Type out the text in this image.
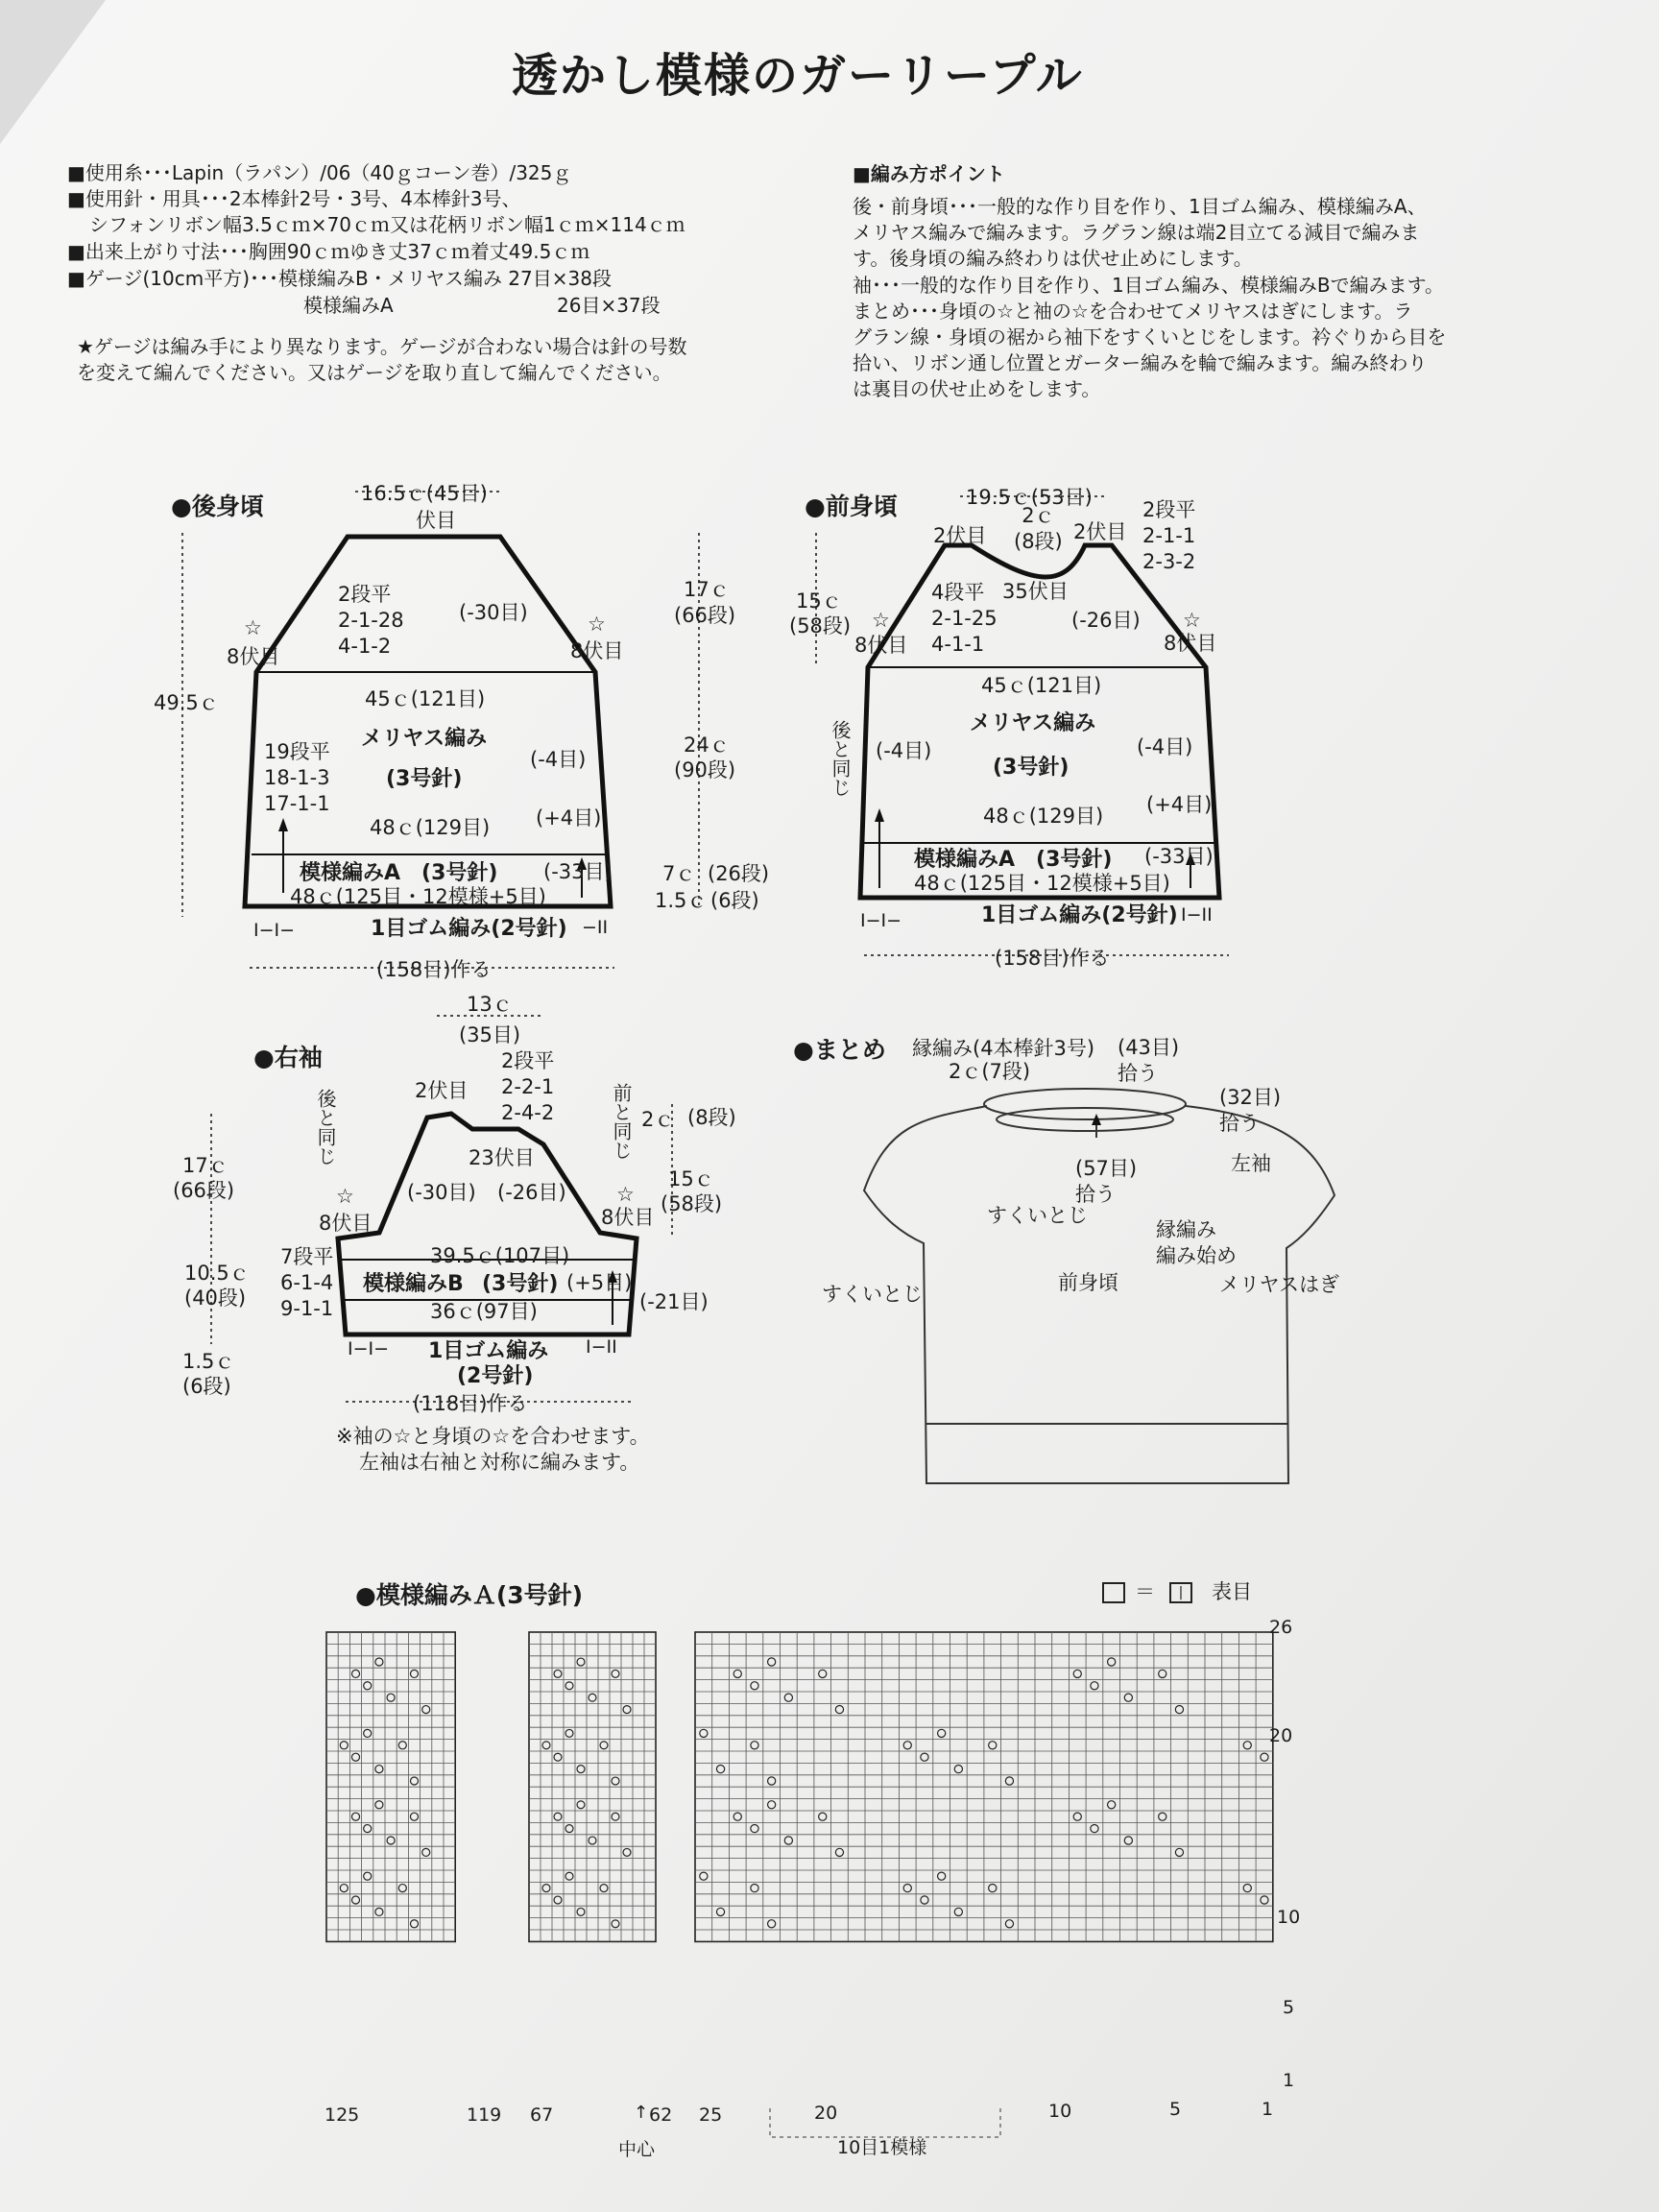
透かし模様のガーリープル
■使用糸･･･Lapin（ラパン）/06（40ｇコーン巻）/325ｇ
■使用針・用具･･･2本棒針2号・3号、4本棒針3号、
シフォンリボン幅3.5ｃｍ×70ｃｍ又は花柄リボン幅1ｃｍ×114ｃｍ
■出来上がり寸法･･･胸囲90ｃｍゆき丈37ｃｍ着丈49.5ｃｍ
■ゲージ(10cm平方)･･･模様編みB・メリヤス編み 27目×38段
模様編みA	26目×37段
★ゲージは編み手により異なります。ゲージが合わない場合は針の号数
を変えて編んでください。又はゲージを取り直して編んでください。
■編み方ポイント
後・前身頃･･･一般的な作り目を作り、1目ゴム編み、模様編みA、
メリヤス編みで編みます。ラグラン線は端2目立てる減目で編みま
す。後身頃の編み終わりは伏せ止めにします。
袖･･･一般的な作り目を作り、1目ゴム編み、模様編みBで編みます。
まとめ･･･身頃の☆と袖の☆を合わせてメリヤスはぎにします。ラ
グラン線・身頃の裾から袖下をすくいとじをします。衿ぐりから目を
拾い、リボン通し位置とガーター編みを輪で編みます。編み終わり
は裏目の伏せ止めをします。
●後身頃	16.5ｃ(45目)
伏目
2段平
2-1-28
4-1-2
(-30目)
☆	☆
8伏目	8伏目
49.5ｃ	45ｃ(121目)
メリヤス編み
(3号針)
19段平
18-1-3
17-1-1
(-4目)
48ｃ(129目) (+4目)
模様編みA　(3号針) (-33目)
48ｃ(125目・12模様+5目)
1目ゴム編み(2号針)
I−I−	−II
(158目)作る
17ｃ
(66段)
24ｃ
(90段)
7ｃ (26段)
1.5ｃ (6段)
●前身頃	19.5ｃ(53目)
2ｃ
(8段)
2伏目	2伏目
35伏目
2段平
2-1-1
2-3-2
4段平
2-1-25
4-1-1
(-26目)
15ｃ
(58段) ☆	☆
8伏目	8伏目
45ｃ(121目)
メリヤス編み
(3号針)
後と同じ (-4目)	(-4目)
48ｃ(129目) (+4目)
模様編みA　(3号針) (-33目)
48ｃ(125目・12模様+5目)
1目ゴム編み(2号針)
I−I−	I−II
(158目)作る
13ｃ
(35目)
●右袖
2伏目
2段平
2-2-1
2-4-2
後と同じ	前と同じ
23伏目
(-30目) (-26目)
☆	☆
8伏目	8伏目
17ｃ
(66段)
10.5ｃ
(40段)
1.5ｃ
(6段)
2ｃ (8段)
15ｃ
(58段)
7段平
6-1-4
9-1-1
39.5ｃ(107目)
模様編みB (3号針) (+5目)
(-21目)
36ｃ(97目)
1目ゴム編み
(2号針)
I−I−	I−II
(118目)作る
※袖の☆と身頃の☆を合わせます。
左袖は右袖と対称に編みます。
●まとめ 縁編み(4本棒針3号)
2ｃ(7段)
(43目)
拾う
(32目)
拾う
左袖
(57目)
拾う
すくいとじ
縁編み
編み始め
すくいとじ	前身頃	メリヤスはぎ
●模様編みＡ(3号針)	＝	|	表目
26
20
10
5
1
125	119 67	62 25	20	10	5	1
↑
中心	10目1模様
